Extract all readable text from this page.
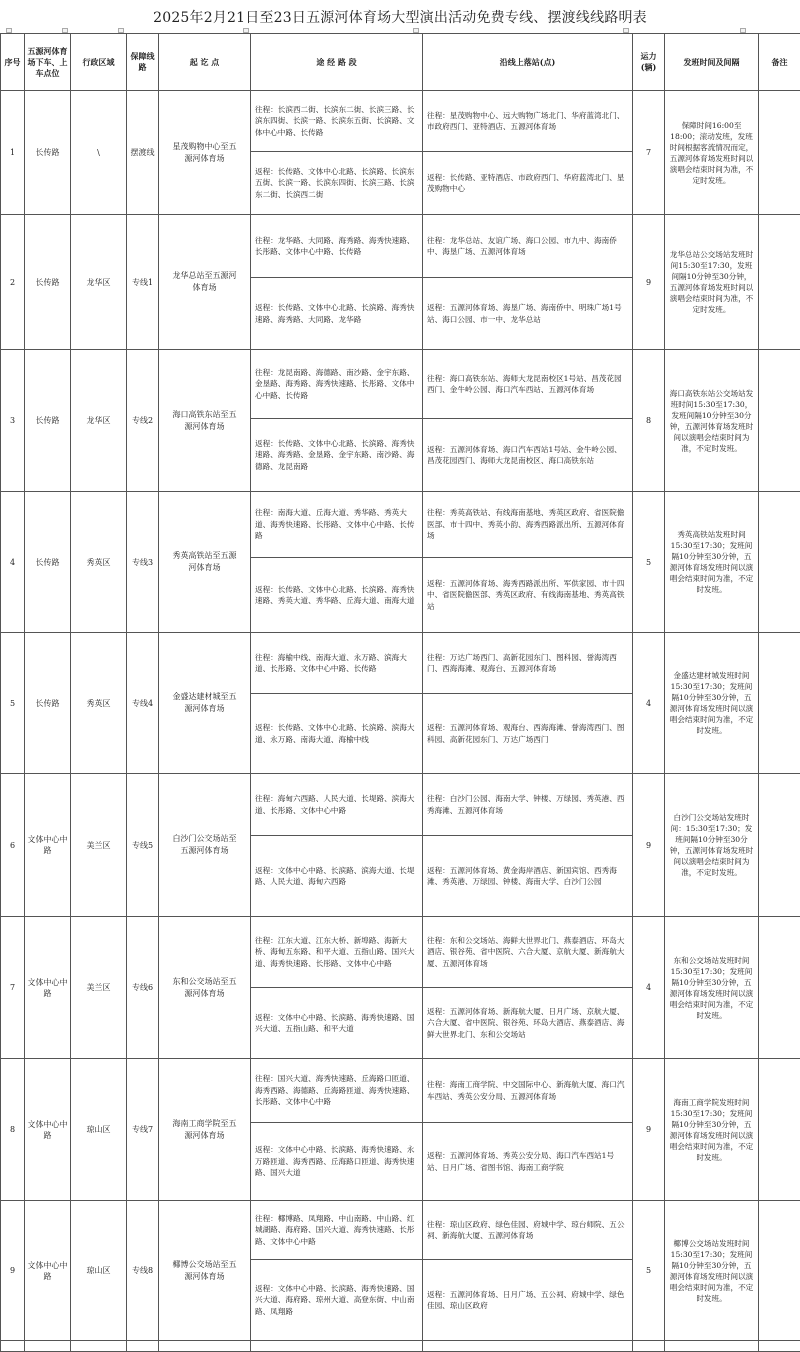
2025年2月21日至23日五源河体育场大型演出活动免费专线、摆渡线线路明表
序号	五源河体育场下车、上车点位	行政区域	保障线路	起 讫 点	途 经 路 段	沿线上落站(点)	运力(辆)	发班时间及间隔	备注
1	长传路	\	摆渡线	星茂购物中心至五源河体育场	往程：长滨西二街、长滨东二街、长滨三路、长滨东四街、长滨一路、长滨东五街、长滨路、文体中心中路、长传路	往程：星茂购物中心、远大购物广场北门、华府蓝湾北门、市政府西门、亚特酒店、五源河体育场	7	保障时间16:00至18:00；滚动发班，发班时间根据客流情况而定，五源河体育场发班时间以演唱会结束时间为准，不定时发班。	
					返程：长传路、文体中心北路、长滨路、长滨东五街、长滨一路、长滨东四街、长滨三路、长滨东二街、长滨西二街	返程：长传路、亚特酒店、市政府西门、华府蓝湾北门、星茂购物中心			
2	长传路	龙华区	专线1	龙华总站至五源河体育场	往程：龙华路、大同路、海秀路、海秀快速路、长彤路、文体中心中路、长传路	往程：龙华总站、友谊广场、海口公园、市九中、海南侨中、海垦广场、五源河体育场	9	龙华总站公交场站发班时间15:30至17:30，发班间隔10分钟至30分钟，五源河体育场发班时间以演唱会结束时间为准，不定时发班。	
					返程：长传路、文体中心北路、长滨路、海秀快速路、海秀路、大同路、龙华路	返程：五源河体育场、海垦广场、海南侨中、明珠广场1号站、海口公园、市一中、龙华总站			
3	长传路	龙华区	专线2	海口高铁东站至五源河体育场	往程：龙昆南路、海德路、南沙路、金宇东路、金垦路、海秀路、海秀快速路、长彤路、文体中心中路、长传路	往程：海口高铁东站、海师大龙昆南校区1号站、昌茂花园西门、金牛岭公园、海口汽车西站、五源河体育场	8	海口高铁东站公交场站发班时间15:30至17:30，发班间隔10分钟至30分钟，五源河体育场发班时间以演唱会结束时间为准，不定时发班。	
					返程：长传路、文体中心北路、长滨路、海秀快速路、海秀路、金垦路、金宇东路、南沙路、海德路、龙昆南路	返程：五源河体育场、海口汽车西站1号站、金牛岭公园、昌茂花园西门、海师大龙昆南校区、海口高铁东站			
4	长传路	秀英区	专线3	秀英高铁站至五源河体育场	往程：南海大道、丘海大道、秀华路、秀英大道、海秀快速路、长彤路、文体中心中路、长传路	往程：秀英高铁站、有线海南基地、秀英区政府、省医院儋医部、市十四中、秀英小韵、海秀西路派出所、五源河体育场	5	秀英高铁站发班时间15:30至17:30；发班间隔10分钟至30分钟，五源河体育场发班时间以演唱会结束时间为准，不定时发班。	
					返程：长传路、文体中心北路、长滨路、海秀快速路、秀英大道、秀华路、丘海大道、南海大道	返程：五源河体育场、海秀西路派出所、军供家园、市十四中、省医院儋医部、秀英区政府、有线海南基地、秀英高铁站			
5	长传路	秀英区	专线4	金盛达建材城至五源河体育场	往程：海榆中线、南海大道、永万路、滨海大道、长彤路、文体中心中路、长传路	往程：万达广场西门、高新花园东门、图科园、誉海湾西门、西海海滩、观海台、五源河体育场	4	金盛达建材城发班时间15:30至17:30；发班间隔10分钟至30分钟，五源河体育场发班时间以演唱会结束时间为准，不定时发班。	
					返程：长传路、文体中心北路、长滨路、滨海大道、永万路、南海大道、海榆中线	返程：五源河体育场、观海台、西海海滩、誉海湾西门、图科园、高新花园东门、万达广场西门			
6	文体中心中路	美兰区	专线5	白沙门公交场站至五源河体育场	往程：海甸六西路、人民大道、长堤路、滨海大道、长彤路、文体中心中路	往程：白沙门公园、海南大学、钟楼、万绿园、秀英港、西秀海滩、五源河体育场	9	白沙门公交场站发班时间：15:30至17:30；发班间隔10分钟至30分钟，五源河体育场发班时间以演唱会结束时间为准，不定时发班。	
					返程：文体中心中路、长滨路、滨海大道、长堤路、人民大道、海甸六西路	返程：五源河体育场、黄金海岸酒店、新国宾馆、西秀海滩、秀英港、万绿园、钟楼、海南大学、白沙门公园			
7	文体中心中路	美兰区	专线6	东和公交场站至五源河体育场	往程：江东大道、江东大桥、新埠路、海新大桥、海甸五东路、和平大道、五指山路、国兴大道、海秀快速路、长彤路、文体中心中路	往程：东和公交场站、海鲜大世界北门、燕泰酒店、环岛大酒店、银谷苑、省中医院、六合大厦、京航大厦、新海航大厦、五源河体育场	4	东和公交场站发班时间15:30至17:30；发班间隔10分钟至30分钟，五源河体育场发班时间以演唱会结束时间为准，不定时发班。	
					返程：文体中心中路、长滨路、海秀快速路、国兴大道、五指山路、和平大道	返程：五源河体育场、新海航大厦、日月广场、京航大厦、六合大厦、省中医院、银谷苑、环岛大酒店、燕泰酒店、海鲜大世界北门、东和公交场站			
8	文体中心中路	琼山区	专线7	海南工商学院至五源河体育场	往程：国兴大道、海秀快速路、丘海路口匝道、海秀西路、海德路、丘海路匝道、海秀快速路、长彤路、文体中心中路	往程：海南工商学院、中交国际中心、新海航大厦、海口汽车西站、秀英公安分局、五源河体育场	9	海南工商学院发班时间15:30至17:30；发班间隔10分钟至30分钟，五源河体育场发班时间以演唱会结束时间为准，不定时发班。	
					返程：文体中心中路、长滨路、海秀快速路、永万路匝道、海秀西路、丘海路口匝道、海秀快速路、国兴大道	返程：五源河体育场、秀英公安分局、海口汽车西站1号站、日月广场、省图书馆、海南工商学院			
9	文体中心中路	琼山区	专线8	椰博公交场站至五源河体育场	往程：椰博路、凤翔路、中山南路、中山路、红城湖路、海府路、国兴大道、海秀快速路、长彤路、文体中心中路	往程：琼山区政府、绿色佳园、府城中学、琼台师院、五公祠、新海航大厦、五源河体育场	5	椰博公交场站发班时间15:30至17:30；发班间隔10分钟至30分钟，五源河体育场发班时间以演唱会结束时间为准，不定时发班。	
					返程：文体中心中路、长滨路、海秀快速路、国兴大道、海府路、琼州大道、高登东街、中山南路、凤翔路	返程：五源河体育场、日月广场、五公祠、府城中学、绿色佳园、琼山区政府			
